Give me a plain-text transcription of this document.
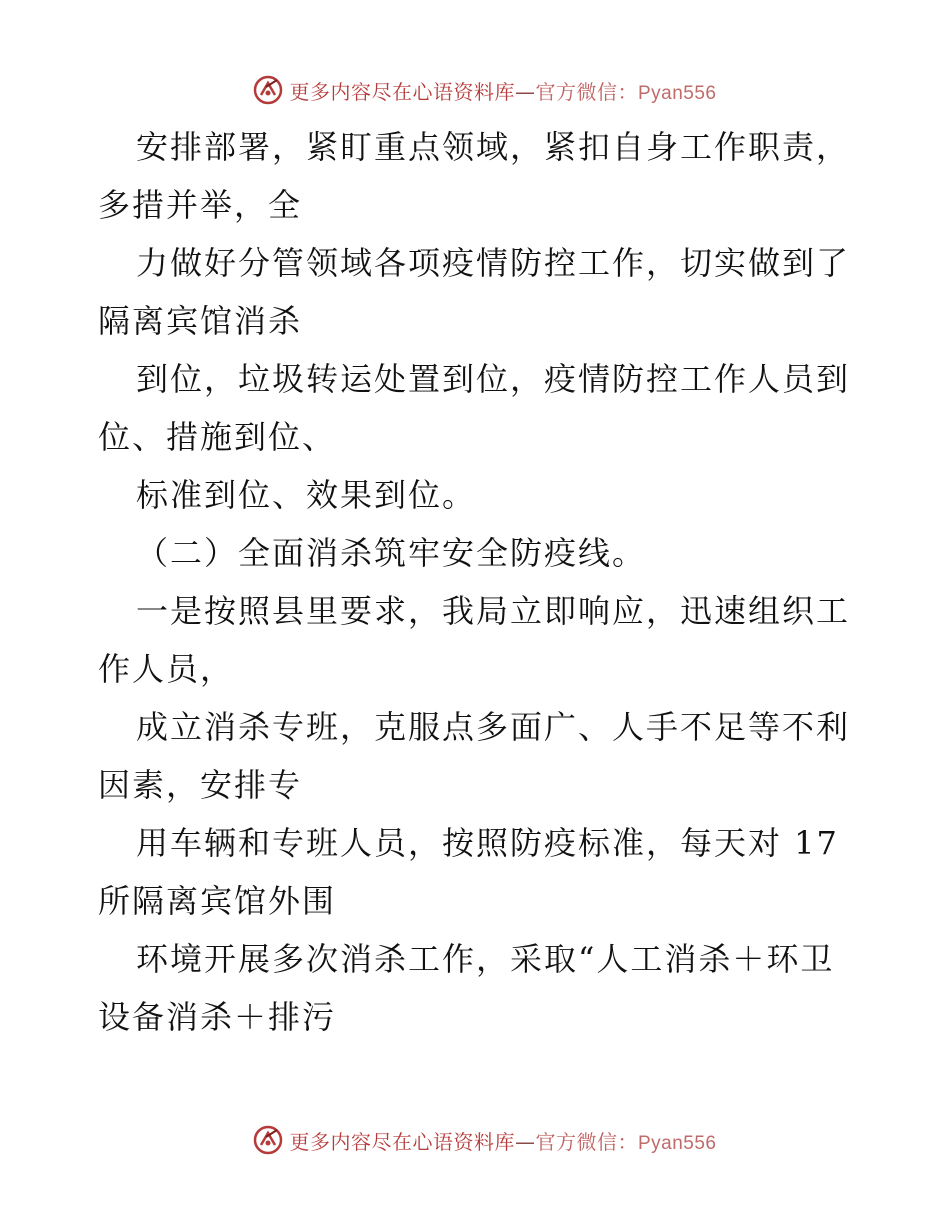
更多内容尽在心语资料库—官方微信：Pyan556
安排部署，紧盯重点领域，紧扣自身工作职责，
多措并举，全
力做好分管领域各项疫情防控工作，切实做到了
隔离宾馆消杀
到位，垃圾转运处置到位，疫情防控工作人员到
位、措施到位、
标准到位、效果到位。
（二）全面消杀筑牢安全防疫线。
一是按照县里要求，我局立即响应，迅速组织工
作人员，
成立消杀专班，克服点多面广、人手不足等不利
因素，安排专
用车辆和专班人员，按照防疫标准，每天对 17
所隔离宾馆外围
环境开展多次消杀工作，采取“人工消杀＋环卫
设备消杀＋排污
更多内容尽在心语资料库—官方微信：Pyan556
